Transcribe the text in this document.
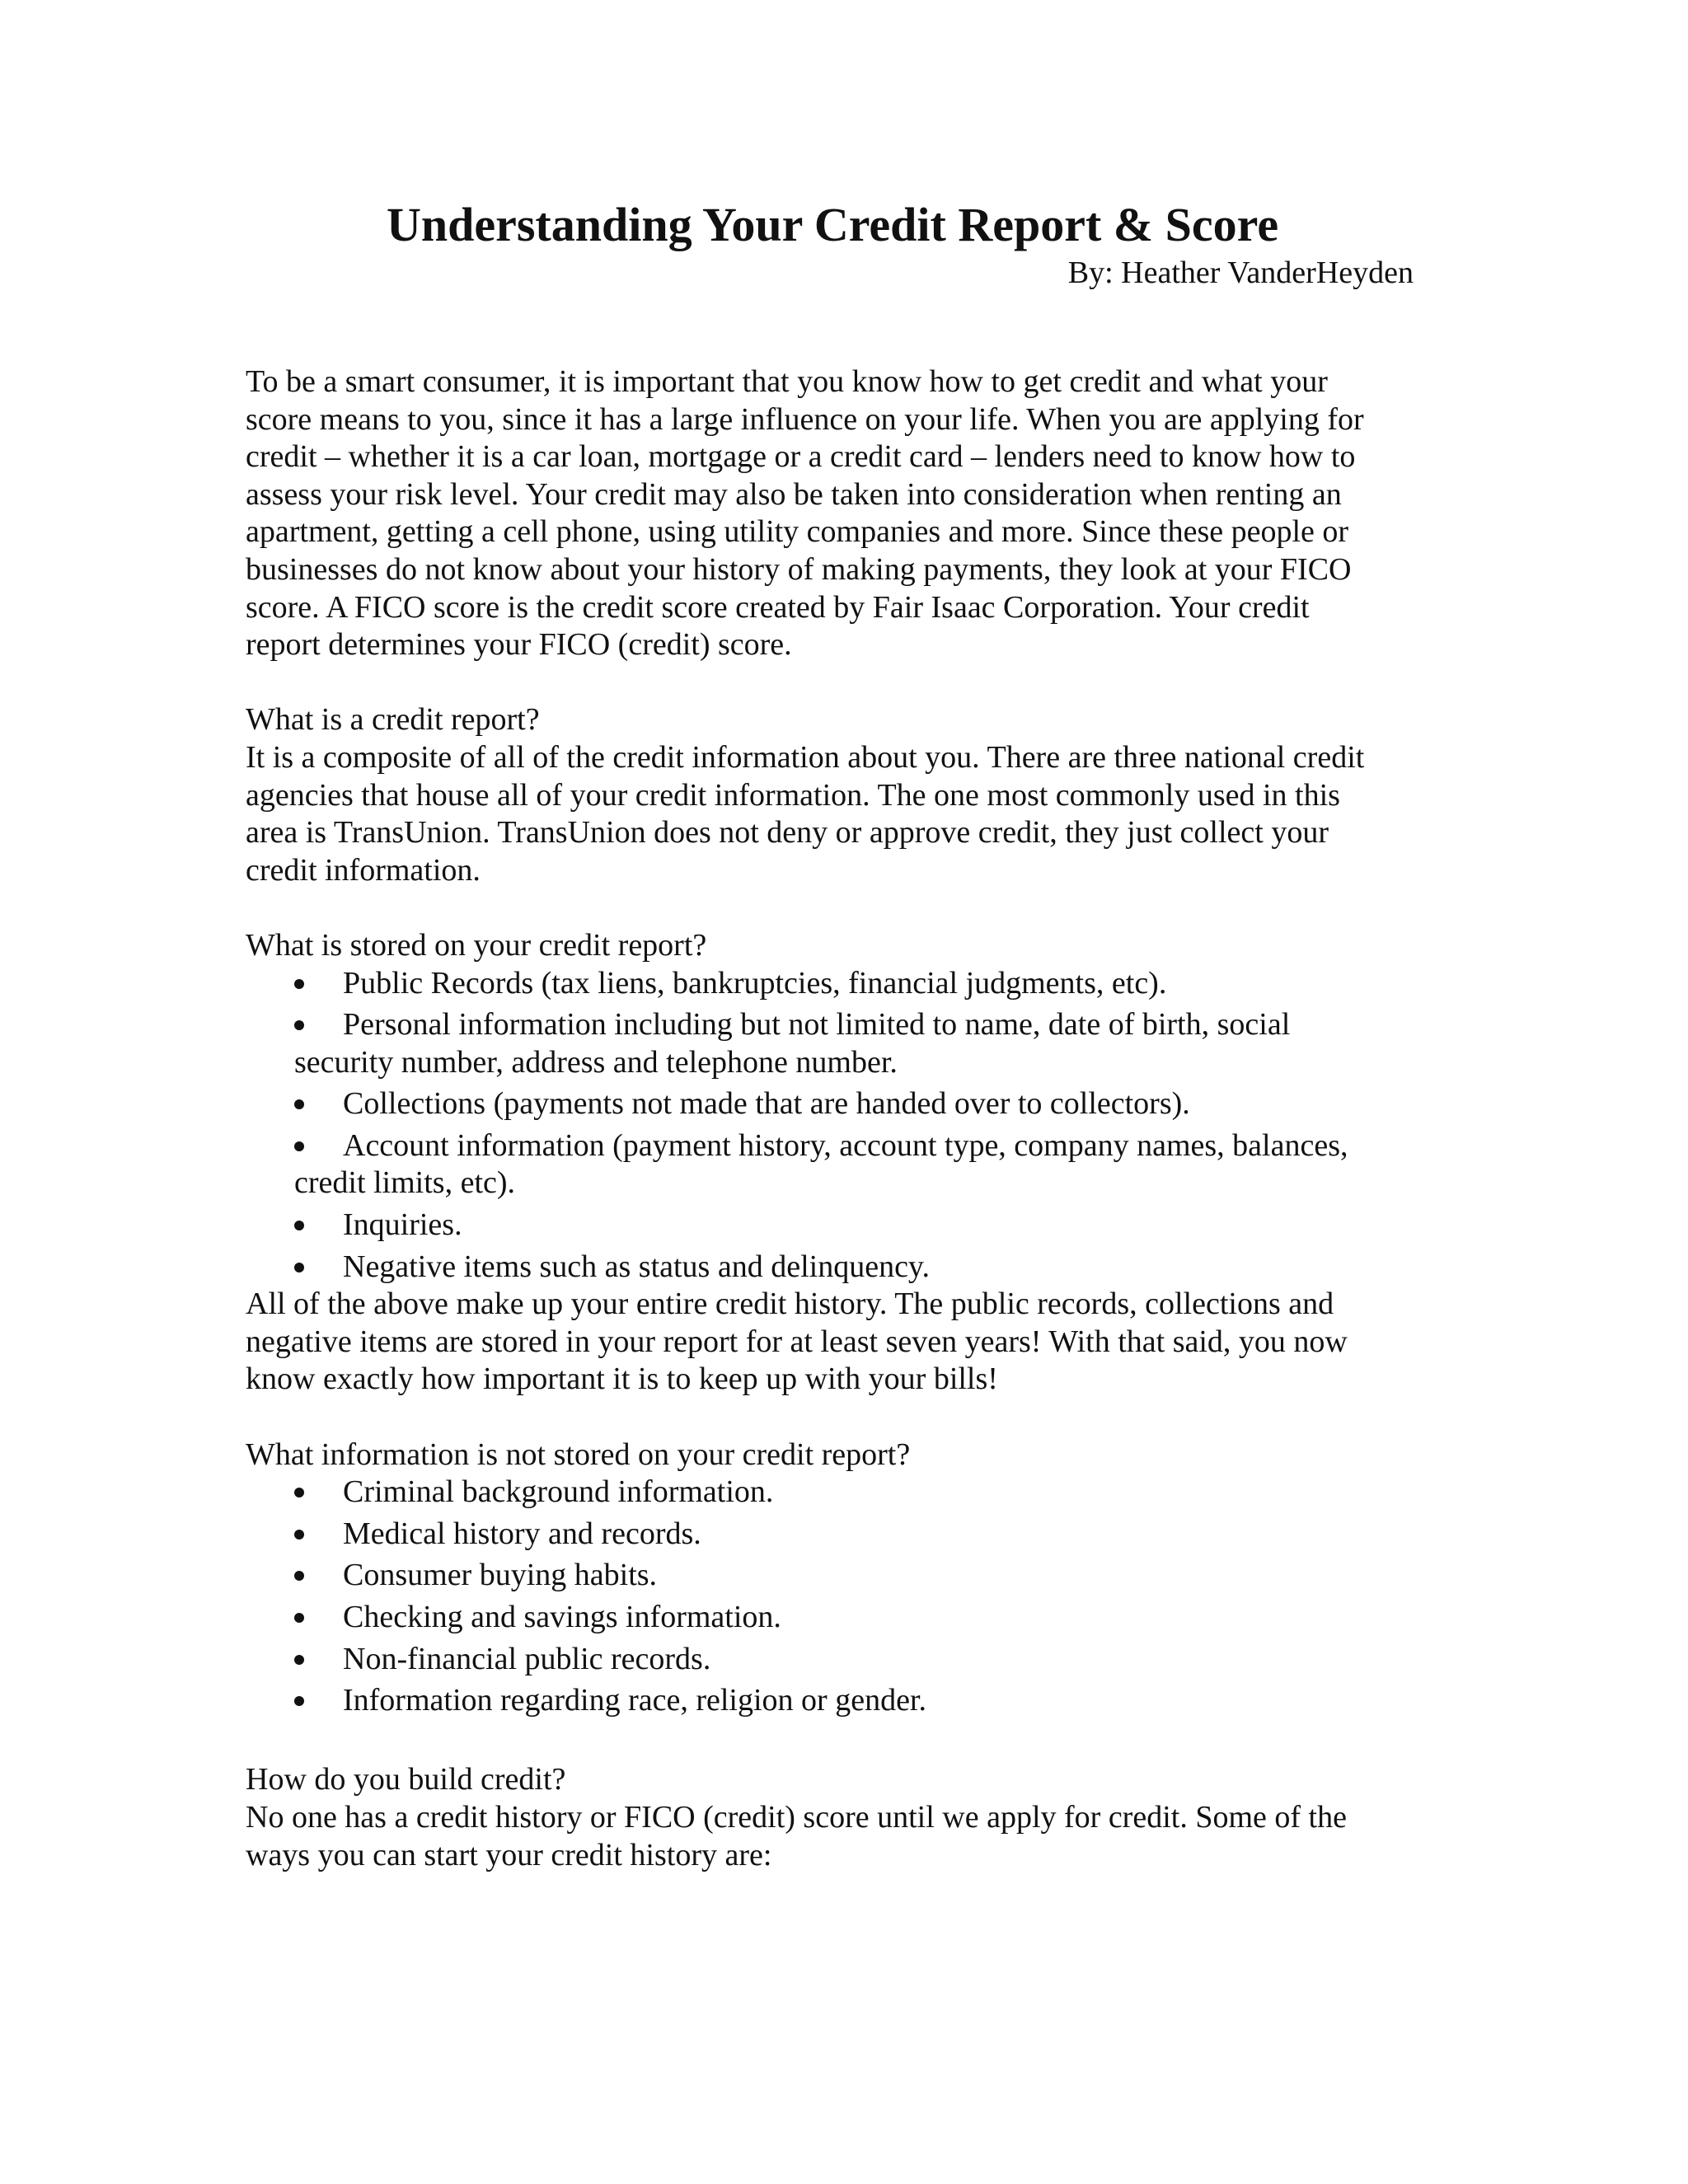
Understanding Your Credit Report & Score

By: Heather VanderHeyden

To be a smart consumer, it is important that you know how to get credit and what your
score means to you, since it has a large influence on your life. When you are applying for
credit – whether it is a car loan, mortgage or a credit card – lenders need to know how to
assess your risk level. Your credit may also be taken into consideration when renting an
apartment, getting a cell phone, using utility companies and more. Since these people or
businesses do not know about your history of making payments, they look at your FICO
score. A FICO score is the credit score created by Fair Isaac Corporation. Your credit
report determines your FICO (credit) score.

What is a credit report?

It is a composite of all of the credit information about you. There are three national credit
agencies that house all of your credit information. The one most commonly used in this
area is TransUnion. TransUnion does not deny or approve credit, they just collect your
credit information.

What is stored on your credit report?

Public Records (tax liens, bankruptcies, financial judgments, etc).
Personal information including but not limited to name, date of birth, social
security number, address and telephone number.
Collections (payments not made that are handed over to collectors).
Account information (payment history, account type, company names, balances,
credit limits, etc).
Inquiries.
Negative items such as status and delinquency.

All of the above make up your entire credit history. The public records, collections and
negative items are stored in your report for at least seven years! With that said, you now
know exactly how important it is to keep up with your bills!

What information is not stored on your credit report?

Criminal background information.
Medical history and records.
Consumer buying habits.
Checking and savings information.
Non-financial public records.
Information regarding race, religion or gender.

How do you build credit?

No one has a credit history or FICO (credit) score until we apply for credit. Some of the
ways you can start your credit history are:
